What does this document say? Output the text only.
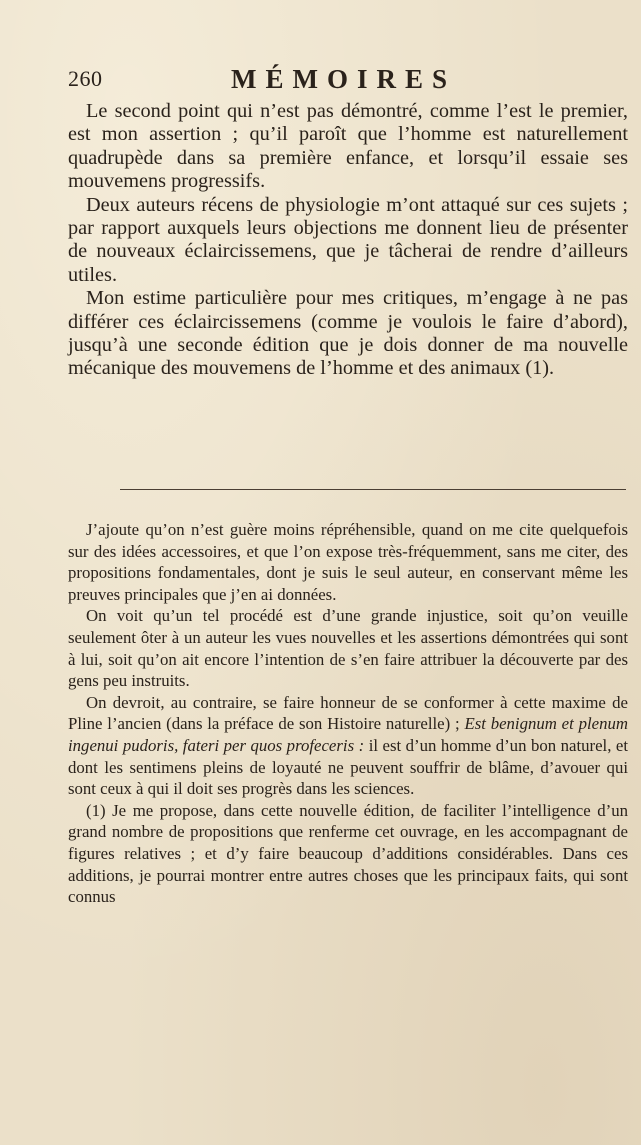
260	MÉMOIRES

Le second point qui n’est pas démontré, comme l’est le premier, est mon assertion ; qu’il paroît que l’homme est naturellement quadrupède dans sa première enfance, et lorsqu’il essaie ses mouvemens progressifs.

Deux auteurs récens de physiologie m’ont attaqué sur ces sujets ; par rapport auxquels leurs objections me donnent lieu de présenter de nouveaux éclaircissemens, que je tâcherai de rendre d’ailleurs utiles.

Mon estime particulière pour mes critiques, m’engage à ne pas différer ces éclaircissemens (comme je voulois le faire d’abord), jusqu’à une seconde édition que je dois donner de ma nouvelle mécanique des mouvemens de l’homme et des animaux (1).

J’ajoute qu’on n’est guère moins répréhensible, quand on me cite quelquefois sur des idées accessoires, et que l’on expose très-fréquemment, sans me citer, des propositions fondamentales, dont je suis le seul auteur, en conservant même les preuves principales que j’en ai données.

On voit qu’un tel procédé est d’une grande injustice, soit qu’on veuille seulement ôter à un auteur les vues nouvelles et les assertions démontrées qui sont à lui, soit qu’on ait encore l’intention de s’en faire attribuer la découverte par des gens peu instruits.

On devroit, au contraire, se faire honneur de se conformer à cette maxime de Pline l’ancien (dans la préface de son Histoire naturelle) ; Est benignum et plenum ingenui pudoris, fateri per quos profeceris : il est d’un homme d’un bon naturel, et dont les sentimens pleins de loyauté ne peuvent souffrir de blâme, d’avouer qui sont ceux à qui il doit ses progrès dans les sciences.

(1) Je me propose, dans cette nouvelle édition, de faciliter l’intelligence d’un grand nombre de propositions que renferme cet ouvrage, en les accompagnant de figures relatives ; et d’y faire beaucoup d’additions considérables. Dans ces additions, je pourrai montrer entre autres choses que les principaux faits, qui sont connus
